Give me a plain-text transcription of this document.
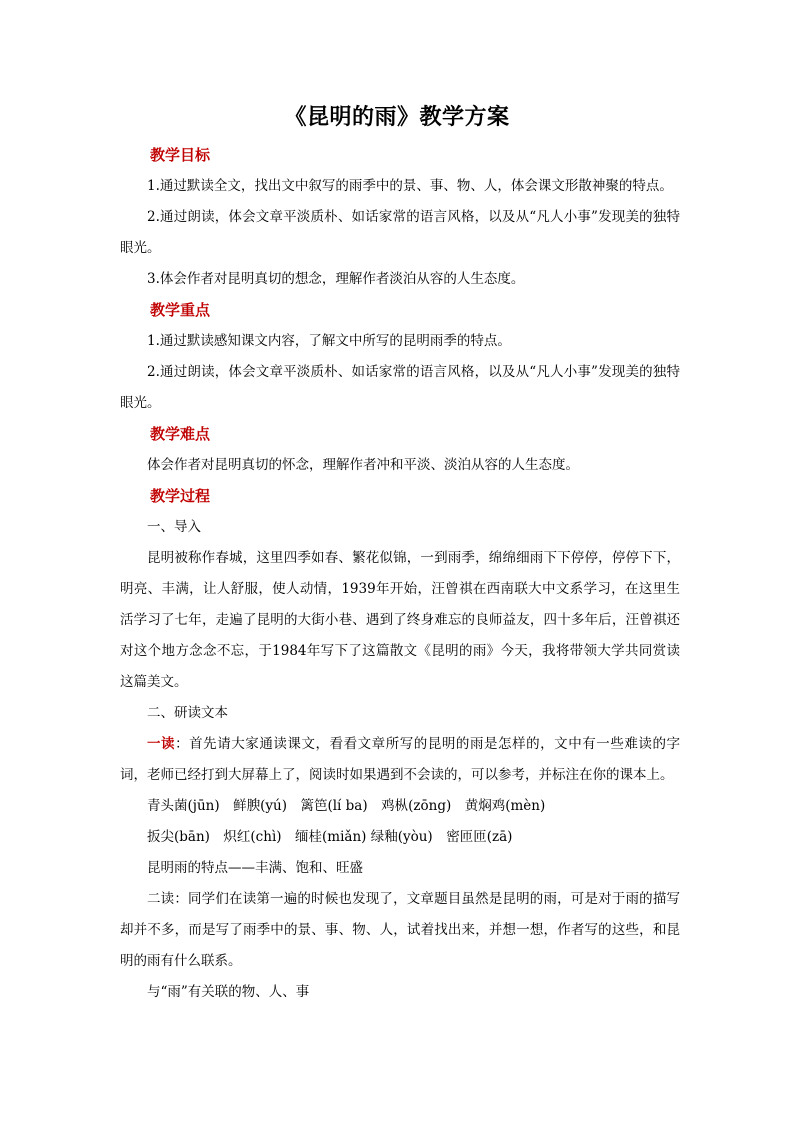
《昆明的雨》教学方案
教学目标

1.通过默读全文，找出文中叙写的雨季中的景、事、物、人，体会课文形散神聚的特点。

2.通过朗读，体会文章平淡质朴、如话家常的语言风格，以及从“凡人小事”发现美的独特眼光。

3.体会作者对昆明真切的想念，理解作者淡泊从容的人生态度。

教学重点

1.通过默读感知课文内容，了解文中所写的昆明雨季的特点。

2.通过朗读，体会文章平淡质朴、如话家常的语言风格，以及从“凡人小事”发现美的独特眼光。

教学难点

体会作者对昆明真切的怀念，理解作者冲和平淡、淡泊从容的人生态度。

教学过程

一、导入

昆明被称作春城，这里四季如春、繁花似锦，一到雨季，绵绵细雨下下停停，停停下下，明亮、丰满，让人舒服，使人动情，1939年开始，汪曾祺在西南联大中文系学习，在这里生活学习了七年，走遍了昆明的大街小巷、遇到了终身难忘的良师益友，四十多年后，汪曾祺还对这个地方念念不忘，于1984年写下了这篇散文《昆明的雨》今天，我将带领大学共同赏读这篇美文。

二、研读文本

一读：首先请大家通读课文，看看文章所写的昆明的雨是怎样的，文中有一些难读的字词，老师已经打到大屏幕上了，阅读时如果遇到不会读的，可以参考，并标注在你的课本上。

青头菌(jūn)　鲜腴(yú)　篱笆(lí ba)　鸡枞(zōng)　黄焖鸡(mèn)

扳尖(bān)　炽红(chì)　缅桂(miǎn) 绿釉(yòu)　密匝匝(zā)

昆明雨的特点——丰满、饱和、旺盛

二读：同学们在读第一遍的时候也发现了，文章题目虽然是昆明的雨，可是对于雨的描写却并不多，而是写了雨季中的景、事、物、人，试着找出来，并想一想，作者写的这些，和昆明的雨有什么联系。

与“雨”有关联的物、人、事
